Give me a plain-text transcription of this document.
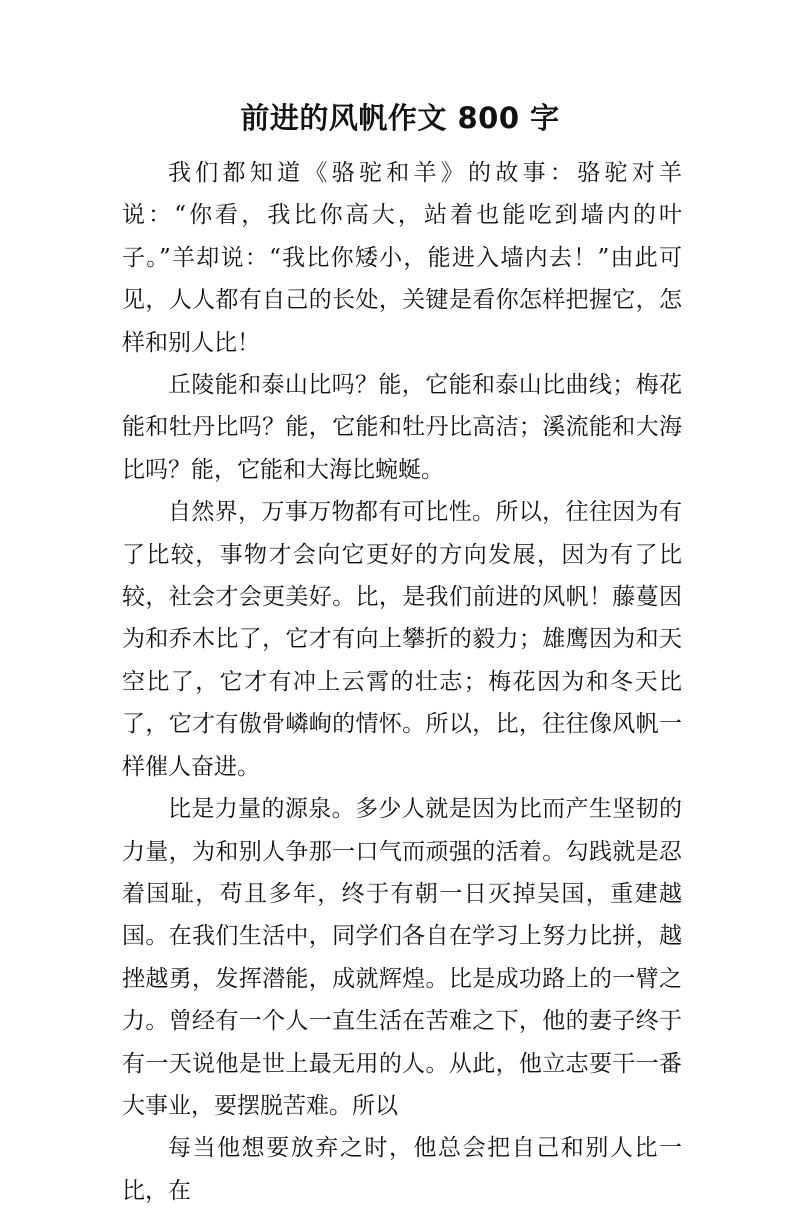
前进的风帆作文 800 字

我们都知道《骆驼和羊》的故事：骆驼对羊说：“你看，我比你高大，站着也能吃到墙内的叶子。”羊却说：“我比你矮小，能进入墙内去！”由此可见，人人都有自己的长处，关键是看你怎样把握它，怎样和别人比！

丘陵能和泰山比吗？能，它能和泰山比曲线；梅花能和牡丹比吗？能，它能和牡丹比高洁；溪流能和大海比吗？能，它能和大海比蜿蜒。

自然界，万事万物都有可比性。所以，往往因为有了比较，事物才会向它更好的方向发展，因为有了比较，社会才会更美好。比，是我们前进的风帆！藤蔓因为和乔木比了，它才有向上攀折的毅力；雄鹰因为和天空比了，它才有冲上云霄的壮志；梅花因为和冬天比了，它才有傲骨嶙峋的情怀。所以，比，往往像风帆一样催人奋进。

比是力量的源泉。多少人就是因为比而产生坚韧的力量，为和别人争那一口气而顽强的活着。勾践就是忍着国耻，苟且多年，终于有朝一日灭掉吴国，重建越国。在我们生活中，同学们各自在学习上努力比拼，越挫越勇，发挥潜能，成就辉煌。比是成功路上的一臂之力。曾经有一个人一直生活在苦难之下，他的妻子终于有一天说他是世上最无用的人。从此，他立志要干一番大事业，要摆脱苦难。所以

每当他想要放弃之时，他总会把自己和别人比一比，在
